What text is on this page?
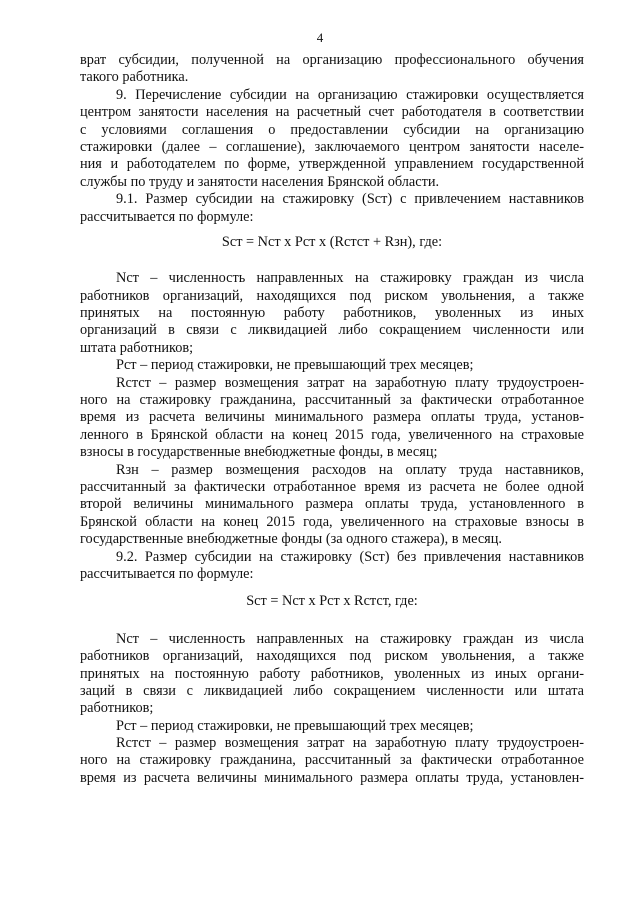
4
врат субсидии, полученной на организацию профессионального обучения
такого работника.
9. Перечисление субсидии на организацию стажировки осуществляется
центром занятости населения на расчетный счет работодателя в соответствии
с условиями соглашения о предоставлении субсидии на организацию
стажировки (далее – соглашение), заключаемого центром занятости населе-
ния и работодателем по форме, утвержденной управлением государственной
службы по труду и занятости населения Брянской области.
9.1. Размер субсидии на стажировку (Sст) с привлечением наставников
рассчитывается по формуле:
Sст = Nст х Рст х (Rстст + Rзн), где:
Nст – численность направленных на стажировку граждан из числа
работников организаций, находящихся под риском увольнения, а также
принятых на постоянную работу работников, уволенных из иных
организаций в связи с ликвидацией либо сокращением численности или
штата работников;
Рст – период стажировки, не превышающий трех месяцев;
Rстст – размер возмещения затрат на заработную плату трудоустроен-
ного на стажировку гражданина, рассчитанный за фактически отработанное
время из расчета величины минимального размера оплаты труда, установ-
ленного в Брянской области на конец 2015 года, увеличенного на страховые
взносы в государственные внебюджетные фонды, в месяц;
Rзн – размер возмещения расходов на оплату труда наставников,
рассчитанный за фактически отработанное время из расчета не более одной
второй величины минимального размера оплаты труда, установленного в
Брянской области на конец 2015 года, увеличенного на страховые взносы в
государственные внебюджетные фонды (за одного стажера), в месяц.
9.2. Размер субсидии на стажировку (Sст) без привлечения наставников
рассчитывается по формуле:
Sст = Nст х Рст х Rстст, где:
Nст – численность направленных на стажировку граждан из числа
работников организаций, находящихся под риском увольнения, а также
принятых на постоянную работу работников, уволенных из иных органи-
заций в связи с ликвидацией либо сокращением численности или штата
работников;
Рст – период стажировки, не превышающий трех месяцев;
Rстст – размер возмещения затрат на заработную плату трудоустроен-
ного на стажировку гражданина, рассчитанный за фактически отработанное
время из расчета величины минимального размера оплаты труда, установлен-
